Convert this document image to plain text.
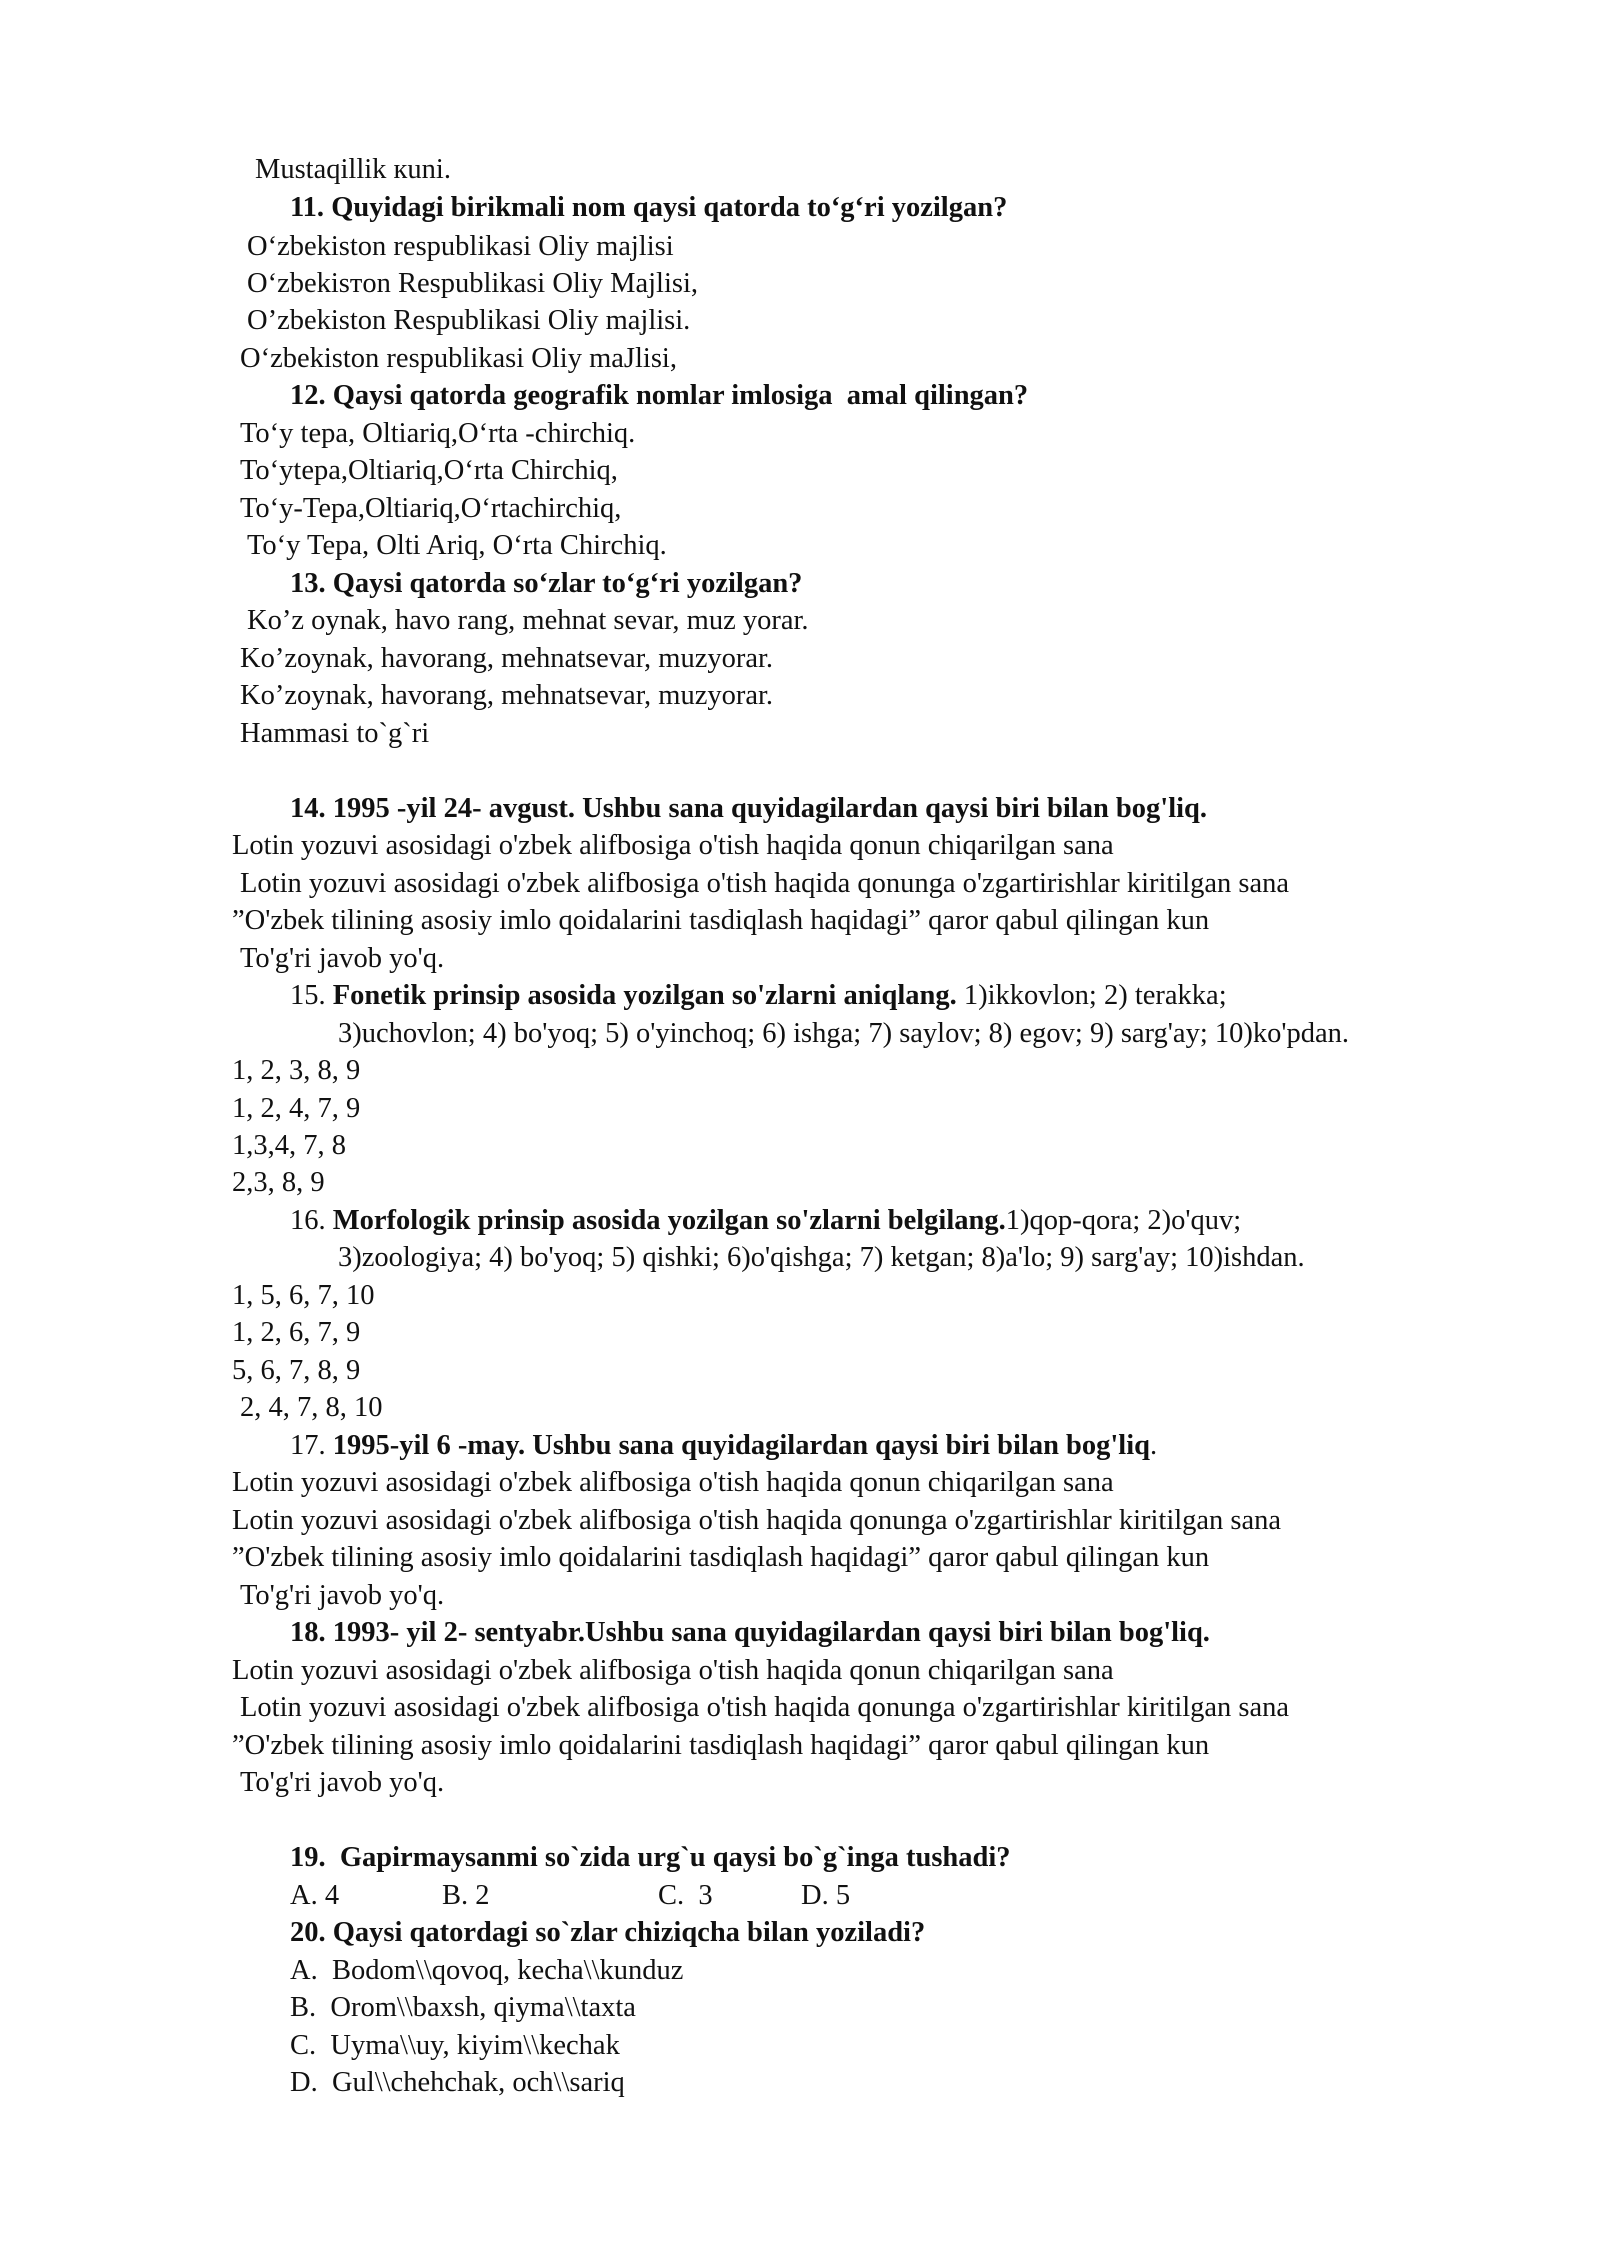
Mustaqillik кuni.
11. Quyidagi birikmali nom qaysi qatorda to‘g‘ri yozilgan?
O‘zbekiston respublikasi Oliy majlisi
O‘zbekisтon Respublikasi Oliy Majlisi,
O’zbekiston Respublikasi Oliy majlisi.
O‘zbekiston respublikasi Oliy maJlisi,
12. Qaysi qatorda geografik nomlar imlosiga  amal qilingan?
To‘y tepa, Oltiariq,O‘rta -chirchiq.
To‘ytepa,Oltiariq,O‘rta Chirchiq,
To‘y-Tepa,Oltiariq,O‘rtachirchiq,
To‘y Tepa, Olti Ariq, O‘rta Chirchiq.
13. Qaysi qatorda so‘zlar to‘g‘ri yozilgan?
Ko’z oynak, havo rang, mehnat sevar, muz yorar.
Ko’zoynak, havorang, mehnatsevar, muzyorar.
Ko’zoynak, havorang, mehnatsevar, muzyorar.
Hammasi to`g`ri
14. 1995 -yil 24- avgust. Ushbu sana quyidagilardan qaysi biri bilan bog'liq.
Lotin yozuvi asosidagi o'zbek alifbosiga o'tish haqida qonun chiqarilgan sana
Lotin yozuvi asosidagi o'zbek alifbosiga o'tish haqida qonunga o'zgartirishlar kiritilgan sana
”O'zbek tilining asosiy imlo qoidalarini tasdiqlash haqidagi” qaror qabul qilingan kun
To'g'ri javob yo'q.
15. Fonetik prinsip asosida yozilgan so'zlarni aniqlang. 1)ikkovlon; 2) terakka;
3)uchovlon; 4) bo'yoq; 5) o'yinchoq; 6) ishga; 7) saylov; 8) egov; 9) sarg'ay; 10)ko'pdan.
1, 2, 3, 8, 9
1, 2, 4, 7, 9
1,3,4, 7, 8
2,3, 8, 9
16. Morfologik prinsip asosida yozilgan so'zlarni belgilang.1)qop-qora; 2)o'quv;
3)zoologiya; 4) bo'yoq; 5) qishki; 6)o'qishga; 7) ketgan; 8)a'lo; 9) sarg'ay; 10)ishdan.
1, 5, 6, 7, 10
1, 2, 6, 7, 9
5, 6, 7, 8, 9
2, 4, 7, 8, 10
17. 1995-yil 6 -may. Ushbu sana quyidagilardan qaysi biri bilan bog'liq.
Lotin yozuvi asosidagi o'zbek alifbosiga o'tish haqida qonun chiqarilgan sana
Lotin yozuvi asosidagi o'zbek alifbosiga o'tish haqida qonunga o'zgartirishlar kiritilgan sana
”O'zbek tilining asosiy imlo qoidalarini tasdiqlash haqidagi” qaror qabul qilingan kun
To'g'ri javob yo'q.
18. 1993- yil 2- sentyabr.Ushbu sana quyidagilardan qaysi biri bilan bog'liq.
Lotin yozuvi asosidagi o'zbek alifbosiga o'tish haqida qonun chiqarilgan sana
Lotin yozuvi asosidagi o'zbek alifbosiga o'tish haqida qonunga o'zgartirishlar kiritilgan sana
”O'zbek tilining asosiy imlo qoidalarini tasdiqlash haqidagi” qaror qabul qilingan kun
To'g'ri javob yo'q.
19. Gapirmaysanmi so`zida urg`u qaysi bo`g`inga tushadi?
A. 4	B. 2	C.  3	D. 5
20. Qaysi qatordagi so`zlar chiziqcha bilan yoziladi?
A. Bodom\\qovoq, kecha\\kunduz
B. Orom\\baxsh, qiyma\\taxta
C. Uyma\\uy, kiyim\\kechak
D. Gul\\chehchak, och\\sariq
